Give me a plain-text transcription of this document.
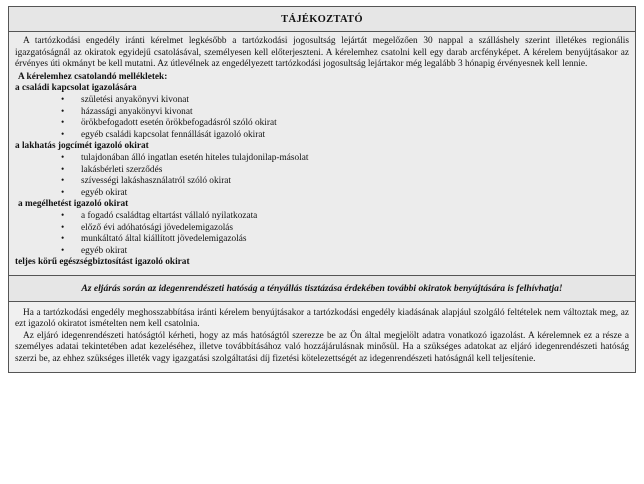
TÁJÉKOZTATÓ

A tartózkodási engedély iránti kérelmet legkésőbb a tartózkodási jogosultság lejártát megelőzően 30 nappal a szálláshely szerint illetékes regionális igazgatóságnál az okiratok egyidejű csatolásával, személyesen kell előterjeszteni. A kérelemhez csatolni kell egy darab arcfényképet. A kérelem benyújtásakor az érvényes úti okmányt be kell mutatni. Az útlevélnek az engedélyezett tartózkodási jogosultság lejártakor még legalább 3 hónapig érvényesnek kell lennie.

A kérelemhez csatolandó mellékletek:

a családi kapcsolat igazolására

• születési anyakönyvi kivonat
• házassági anyakönyvi kivonat
• örökbefogadott esetén örökbefogadásról szóló okirat
• egyéb családi kapcsolat fennállását igazoló okirat

a lakhatás jogcímét igazoló okirat

• tulajdonában álló ingatlan esetén hiteles tulajdonilap-másolat
• lakásbérleti szerződés
• szívességi lakáshasználatról szóló okirat
• egyéb okirat

a megélhetést igazoló okirat

• a fogadó családtag eltartást vállaló nyilatkozata
• előző évi adóhatósági jövedelemigazolás
• munkáltató által kiállított jövedelemigazolás
• egyéb okirat

teljes körű egészségbiztosítást igazoló okirat

Az eljárás során az idegenrendészeti hatóság a tényállás tisztázása érdekében további okiratok benyújtására is felhívhatja!

Ha a tartózkodási engedély meghosszabbítása iránti kérelem benyújtásakor a tartózkodási engedély kiadásának alapjául szolgáló feltételek nem változtak meg, az ezt igazoló okiratot ismételten nem kell csatolnia.

Az eljáró idegenrendészeti hatóságtól kérheti, hogy az más hatóságtól szerezze be az Ön által megjelölt adatra vonatkozó igazolást. A kérelemnek ez a része a személyes adatai tekintetében adat kezeléséhez, illetve továbbításához való hozzájárulásnak minősül. Ha a szükséges adatokat az eljáró idegenrendészeti hatóság szerzi be, az ehhez szükséges illeték vagy igazgatási szolgáltatási díj fizetési kötelezettségét az idegenrendészeti hatóságnál kell teljesítenie.
